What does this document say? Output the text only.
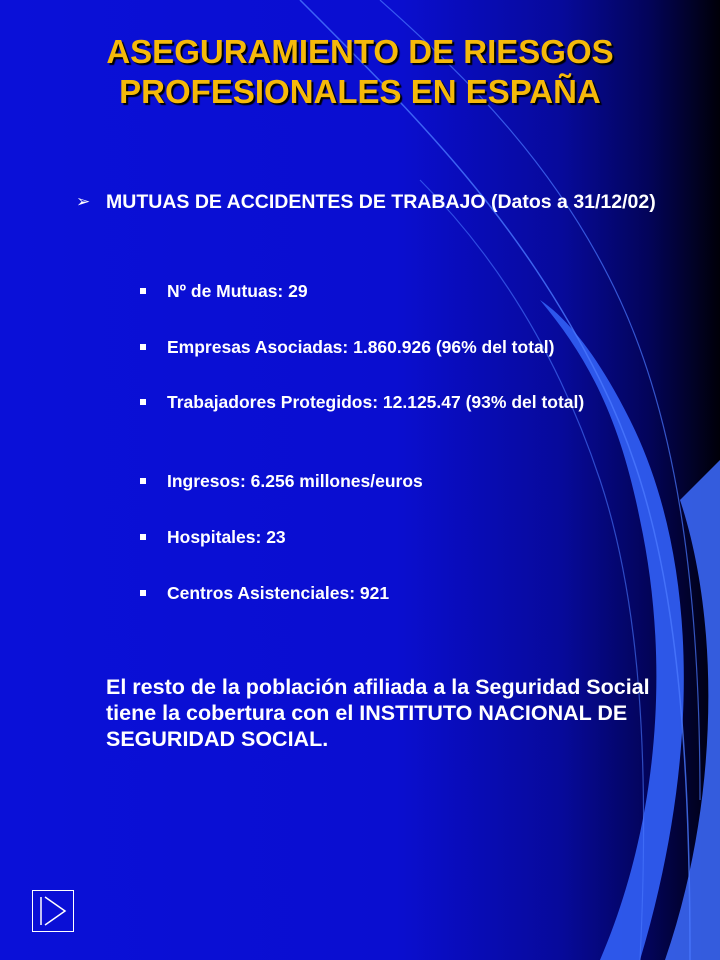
ASEGURAMIENTO DE RIESGOS
PROFESIONALES EN ESPAÑA
➢ MUTUAS DE ACCIDENTES DE TRABAJO (Datos a 31/12/02)
Nº de Mutuas: 29
Empresas Asociadas: 1.860.926 (96% del total)
Trabajadores Protegidos: 12.125.47 (93% del total)
Ingresos: 6.256 millones/euros
Hospitales: 23
Centros Asistenciales: 921
El resto de la población afiliada a la Seguridad Social tiene la cobertura con el INSTITUTO NACIONAL DE SEGURIDAD SOCIAL.
